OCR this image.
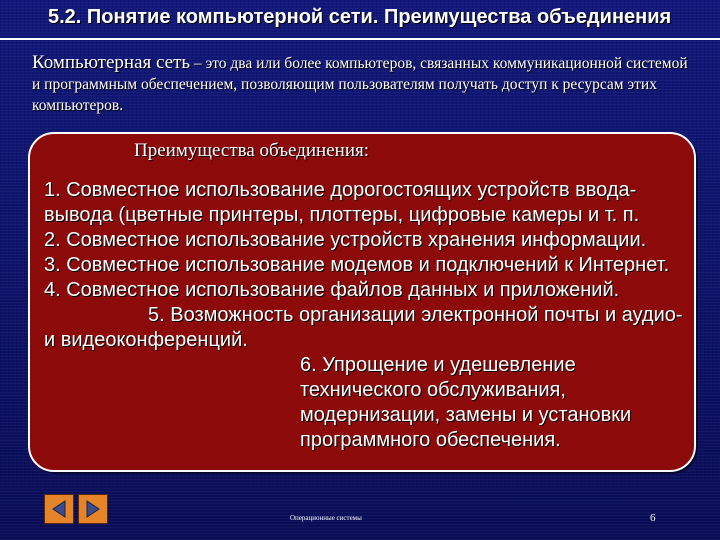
5.2. Понятие компьютерной сети. Преимущества объединения
Компьютерная сеть – это два или более компьютеров, связанных коммуникационной системой и программным обеспечением, позволяющим пользователям получать доступ к ресурсам этих компьютеров.
Преимущества объединения:
1. Совместное использование дорогостоящих устройств ввода-вывода (цветные принтеры, плоттеры, цифровые камеры и т. п.
2. Совместное использование устройств хранения информации.
3. Совместное использование модемов и подключений к Интернет.
4. Совместное использование файлов данных и приложений.5. Возможность организации электронной почты и аудио- и видеоконференций.
6. Упрощение и удешевление технического обслуживания, модернизации, замены и установки программного обеспечения.
Операционные системы	6
